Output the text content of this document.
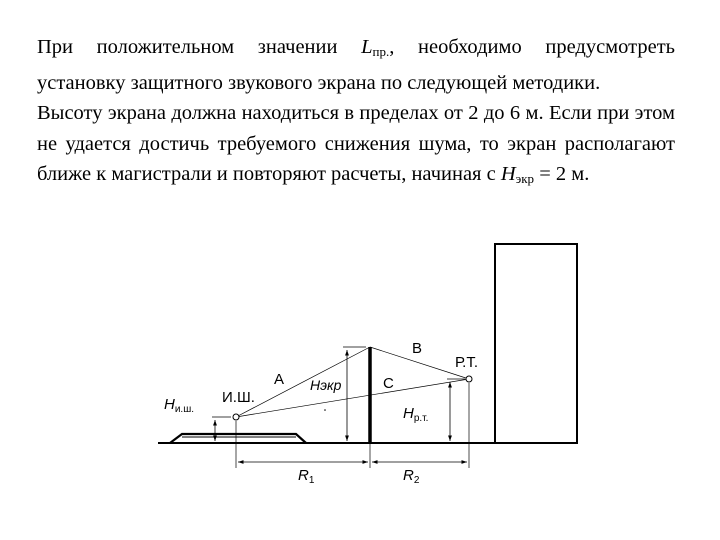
При положительном значении $L_{пр.}$, необходимо предусмотреть установку защитного звукового экрана по следующей методики.

Высоту экрана должна находиться в пределах от 2 до 6 м. Если при этом не удается достичь требуемого снижения шума, то экран располагают ближе к магистрали и повторяют расчеты, начиная с $H_{экр} = 2$ м.

$H_{и.ш.}$
И.Ш.
A Hэкр	C
B
Р.Т.
$H_{р.т.}$
$R_1$	$R_2$
